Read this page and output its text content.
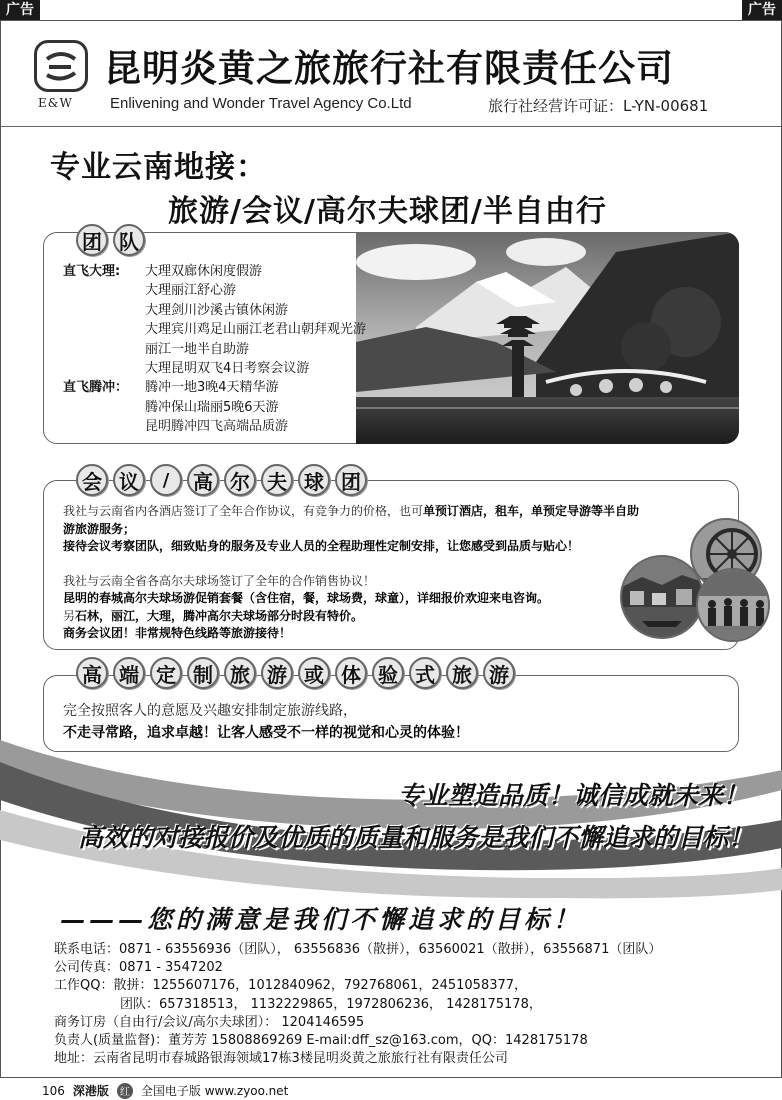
广告	广告
E&W
昆明炎黄之旅旅行社有限责任公司
Enlivening and Wonder Travel Agency Co.Ltd	旅行社经营许可证：L-YN-00681
专业云南地接：
旅游/会议/高尔夫球团/半自由行
团 队
直飞大理:	大理双廊休闲度假游
大理丽江舒心游
大理剑川沙溪古镇休闲游
大理宾川鸡足山丽江老君山朝拜观光游
丽江一地半自助游
大理昆明双飞4日考察会议游
直飞腾冲：	腾冲一地3晚4天精华游
腾冲保山瑞丽5晚6天游
昆明腾冲四飞高端品质游
会 议	/	高 尔 夫 球 团

我社与云南省内各酒店签订了全年合作协议，有竞争力的价格，也可单预订酒店，租车，单预定导游等半自助游旅游服务；

接待会议考察团队，细致贴身的服务及专业人员的全程助理性定制安排，让您感受到品质与贴心！

我社与云南全省各高尔夫球场签订了全年的合作销售协议！

昆明的春城高尔夫球场游促销套餐（含住宿，餐，球场费，球童），详细报价欢迎来电咨询。

另石林，丽江，大理，腾冲高尔夫球场部分时段有特价。

商务会议团！非常规特色线路等旅游接待！

高 端 定 制 旅 游 或 体 验 式 旅 游
完全按照客人的意愿及兴趣安排制定旅游线路，
不走寻常路，追求卓越！让客人感受不一样的视觉和心灵的体验！
专业塑造品质！诚信成就未来！
高效的对接报价及优质的质量和服务是我们不懈追求的目标！
———您的满意是我们不懈追求的目标！
联系电话：0871 - 63556936（团队）， 63556836（散拼），63560021（散拼），63556871（团队）
公司传真：0871 - 3547202
工作QQ：散拼：1255607176，1012840962，792768061，2451058377，
团队：657318513， 1132229865，1972806236， 1428175178，
商务订房（自由行/会议/高尔夫球团）： 1204146595
负责人(质量监督)：董芳芳 15808869269 E-mail:dff_sz@163.com，QQ：1428175178
地址：云南省昆明市春城路银海领域17栋3楼昆明炎黄之旅旅行社有限责任公司
106 深港版	红 全国电子版 www.zyoo.net
